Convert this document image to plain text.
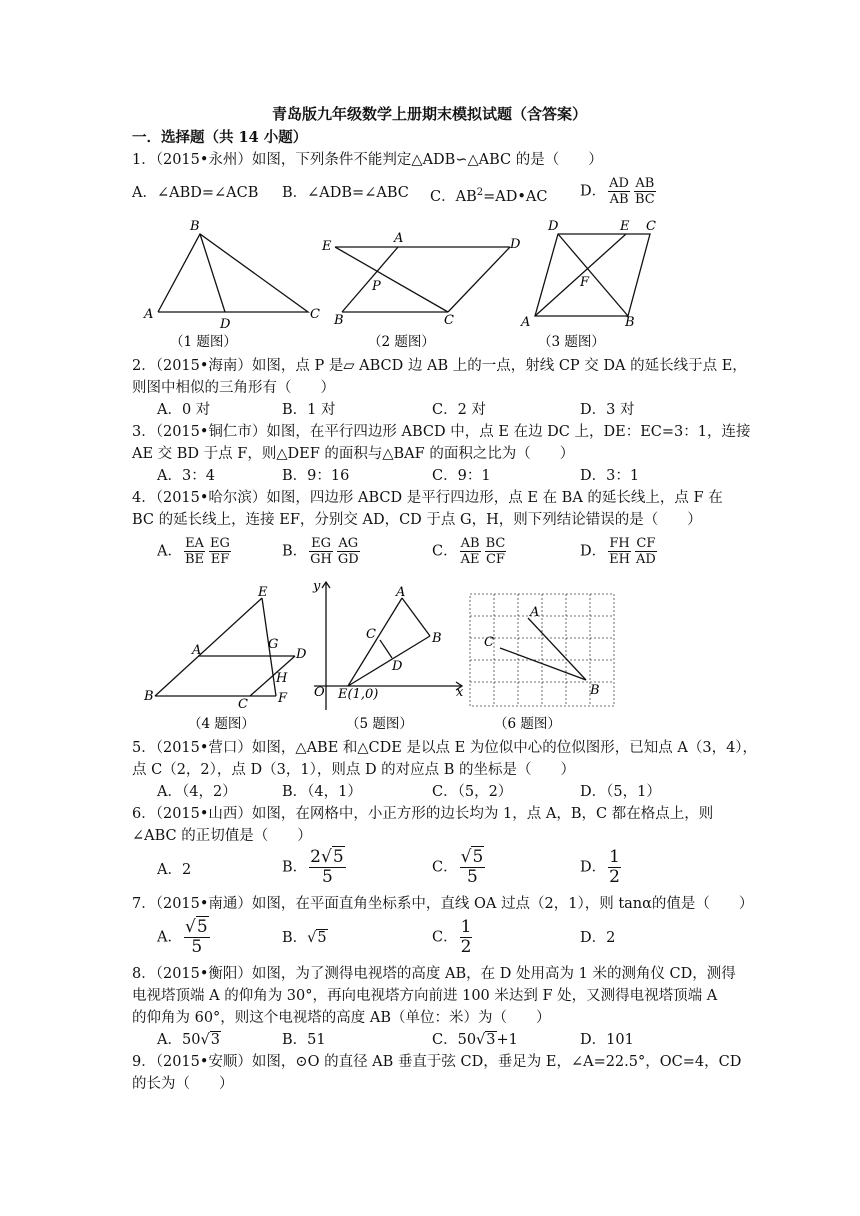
青岛版九年级数学上册期末模拟试题（含答案）
一．选择题（共 14 小题）
1．（2015•永州）如图，下列条件不能判定△ADB∽△ABC 的是（　　）
A．∠ABD=∠ACB B．∠ADB=∠ABC C．$AB^2=AD•AC$ D． $\frac{AD}{AB} \frac{AB}{BC}$
B
A	C
D
（1 题图）
E
A	D
P
B	C
（2 题图）
D	E C
F
A	B
（3 题图）
2．（2015•海南）如图，点 P 是▱ ABCD 边 AB 上的一点，射线 CP 交 DA 的延长线于点 E，
则图中相似的三角形有（　　）
A．0 对	B．1 对	C．2 对	D．3 对
3．（2015•铜仁市）如图，在平行四边形 ABCD 中，点 E 在边 DC 上，DE：EC=3：1，连接
AE 交 BD 于点 F，则△DEF 的面积与△BAF 的面积之比为（　　）
A．3：4	B．9：16	C．9：1	D．3：1
4．（2015•哈尔滨）如图，四边形 ABCD 是平行四边形，点 E 在 BA 的延长线上，点 F 在
BC 的延长线上，连接 EF，分别交 AD，CD 于点 G，H，则下列结论错误的是（　　）
A． $\frac{EA}{BE} \frac{EG}{EF}$	B． $\frac{EG}{GH} \frac{AG}{GD}$	C． $\frac{AB}{AE} \frac{BC}{CF}$	D． $\frac{FH}{EH} \frac{CF}{AD}$
E
A	G
D
H
B
C F
（4 题图）
y	A
C	B
D
O E(1,0)	x
（5 题图）
A
C
B
（6 题图）
5．（2015•营口）如图，△ABE 和△CDE 是以点 E 为位似中心的位似图形，已知点 A（3，4），
点 C（2，2），点 D（3，1），则点 D 的对应点 B 的坐标是（　　）
A．（4，2）	B．（4，1）	C．（5，2）	D．（5，1）
6．（2015•山西）如图，在网格中，小正方形的边长均为 1，点 A，B，C 都在格点上，则
∠ABC 的正切值是（　　）
A．2	B． $\frac{2√5}{5}$	C． $\frac{√5}{5}$	D． $\frac{1}{2}$
7．（2015•南通）如图，在平面直角坐标系中，直线 OA 过点（2，1），则 tanα的值是（　　）
A． $\frac{√5}{5}$	B．√5	C． $\frac{1}{2}$	D．2
8．（2015•衡阳）如图，为了测得电视塔的高度 AB，在 D 处用高为 1 米的测角仪 CD，测得
电视塔顶端 A 的仰角为 30°，再向电视塔方向前进 100 米达到 F 处，又测得电视塔顶端 A
的仰角为 60°，则这个电视塔的高度 AB（单位：米）为（　　）
A．50√3	B．51	C．50√3+1	D．101
9．（2015•安顺）如图，⊙O 的直径 AB 垂直于弦 CD，垂足为 E，∠A=22.5°，OC=4，CD
的长为（　　）
